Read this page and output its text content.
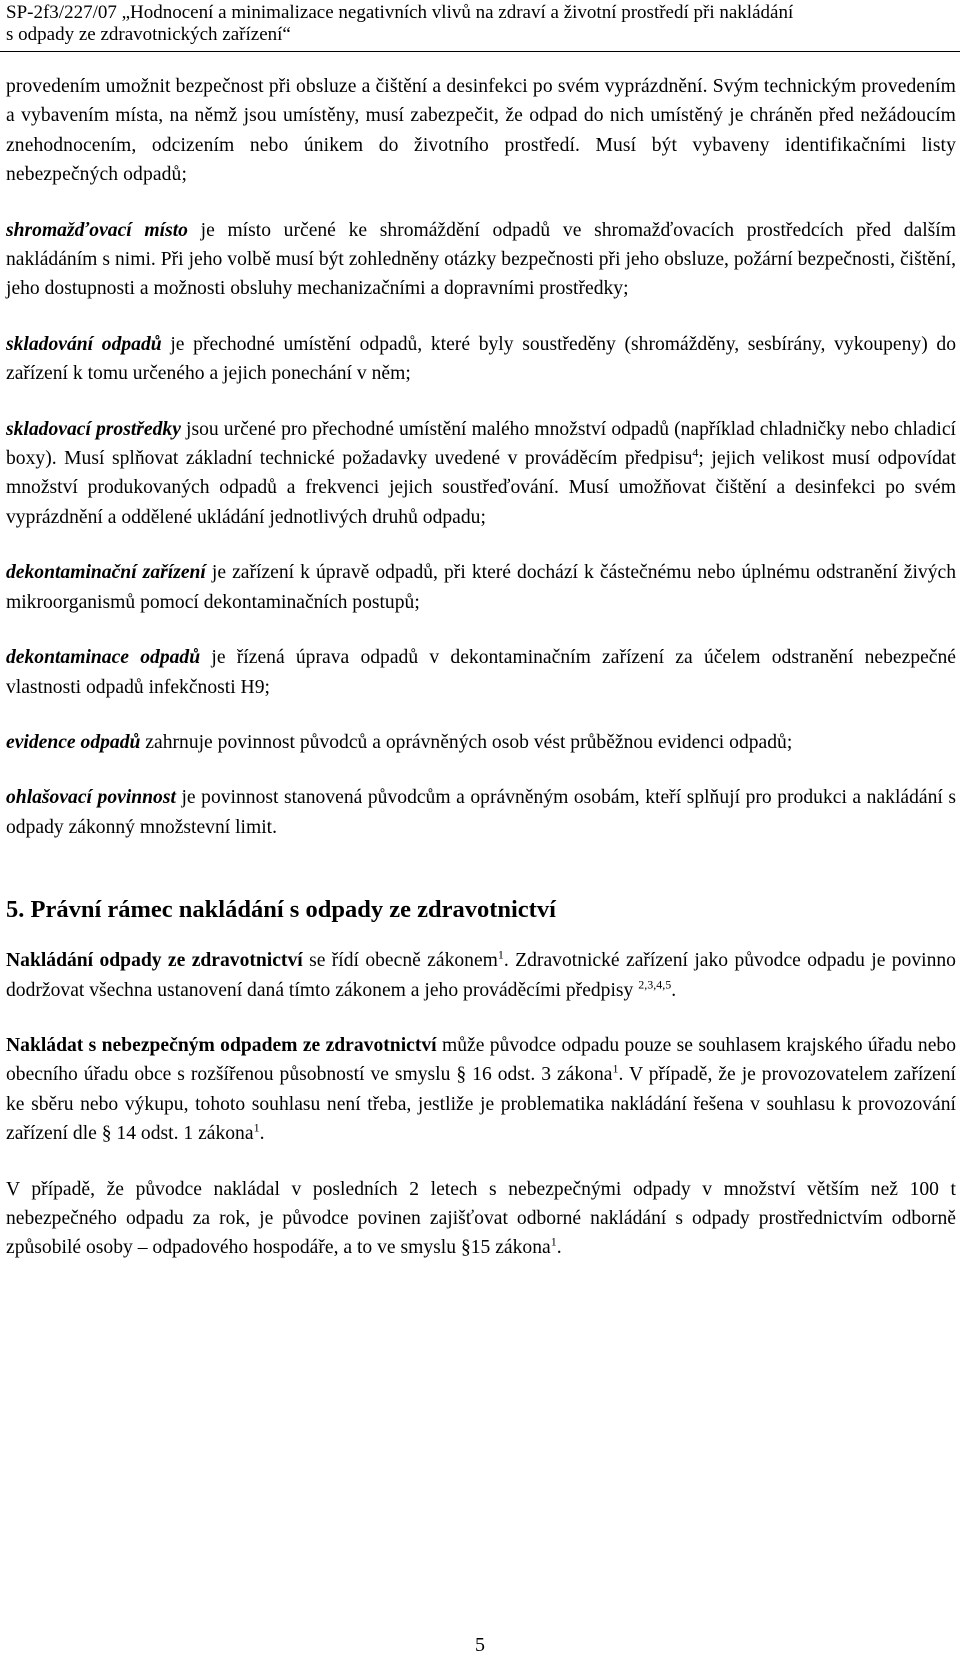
SP-2f3/227/07 „Hodnocení a minimalizace negativních vlivů na zdraví a životní prostředí při nakládání
s odpady ze zdravotnických zařízení“

provedením umožnit bezpečnost při obsluze a čištění a desinfekci po svém vyprázdnění. Svým technickým provedením a vybavením místa, na němž jsou umístěny, musí zabezpečit, že odpad do nich umístěný je chráněn před nežádoucím znehodnocením, odcizením nebo únikem do životního prostředí. Musí být vybaveny identifikačními listy nebezpečných odpadů;

shromažďovací místo je místo určené ke shromáždění odpadů ve shromažďovacích prostředcích před dalším nakládáním s nimi. Při jeho volbě musí být zohledněny otázky bezpečnosti při jeho obsluze, požární bezpečnosti, čištění, jeho dostupnosti a možnosti obsluhy mechanizačními a dopravními prostředky;

skladování odpadů je přechodné umístění odpadů, které byly soustředěny (shromážděny, sesbírány, vykoupeny) do zařízení k tomu určeného a jejich ponechání v něm;

skladovací prostředky jsou určené pro přechodné umístění malého množství odpadů (například chladničky nebo chladicí boxy). Musí splňovat základní technické požadavky uvedené v prováděcím předpisu$^4$; jejich velikost musí odpovídat množství produkovaných odpadů a frekvenci jejich soustřeďování. Musí umožňovat čištění a desinfekci po svém vyprázdnění a oddělené ukládání jednotlivých druhů odpadu;

dekontaminační zařízení je zařízení k úpravě odpadů, při které dochází k částečnému nebo úplnému odstranění živých mikroorganismů pomocí dekontaminačních postupů;

dekontaminace odpadů je řízená úprava odpadů v dekontaminačním zařízení za účelem odstranění nebezpečné vlastnosti odpadů infekčnosti H9;

evidence odpadů zahrnuje povinnost původců a oprávněných osob vést průběžnou evidenci odpadů;

ohlašovací povinnost je povinnost stanovená původcům a oprávněným osobám, kteří splňují pro produkci a nakládání s odpady zákonný množstevní limit.

5. Právní rámec nakládání s odpady ze zdravotnictví

Nakládání odpady ze zdravotnictví se řídí obecně zákonem$^1$. Zdravotnické zařízení jako původce odpadu je povinno dodržovat všechna ustanovení daná tímto zákonem a jeho prováděcími předpisy $^{2,3,4,5}$.

Nakládat s nebezpečným odpadem ze zdravotnictví může původce odpadu pouze se souhlasem krajského úřadu nebo obecního úřadu obce s rozšířenou působností ve smyslu § 16 odst. 3 zákona$^1$. V případě, že je provozovatelem zařízení ke sběru nebo výkupu, tohoto souhlasu není třeba, jestliže je problematika nakládání řešena v souhlasu k provozování zařízení dle § 14 odst. 1 zákona$^1$.

V případě, že původce nakládal v posledních 2 letech s nebezpečnými odpady v množství větším než 100 t nebezpečného odpadu za rok, je původce povinen zajišťovat odborné nakládání s odpady prostřednictvím odborně způsobilé osoby – odpadového hospodáře, a to ve smyslu §15 zákona$^1$.

5
